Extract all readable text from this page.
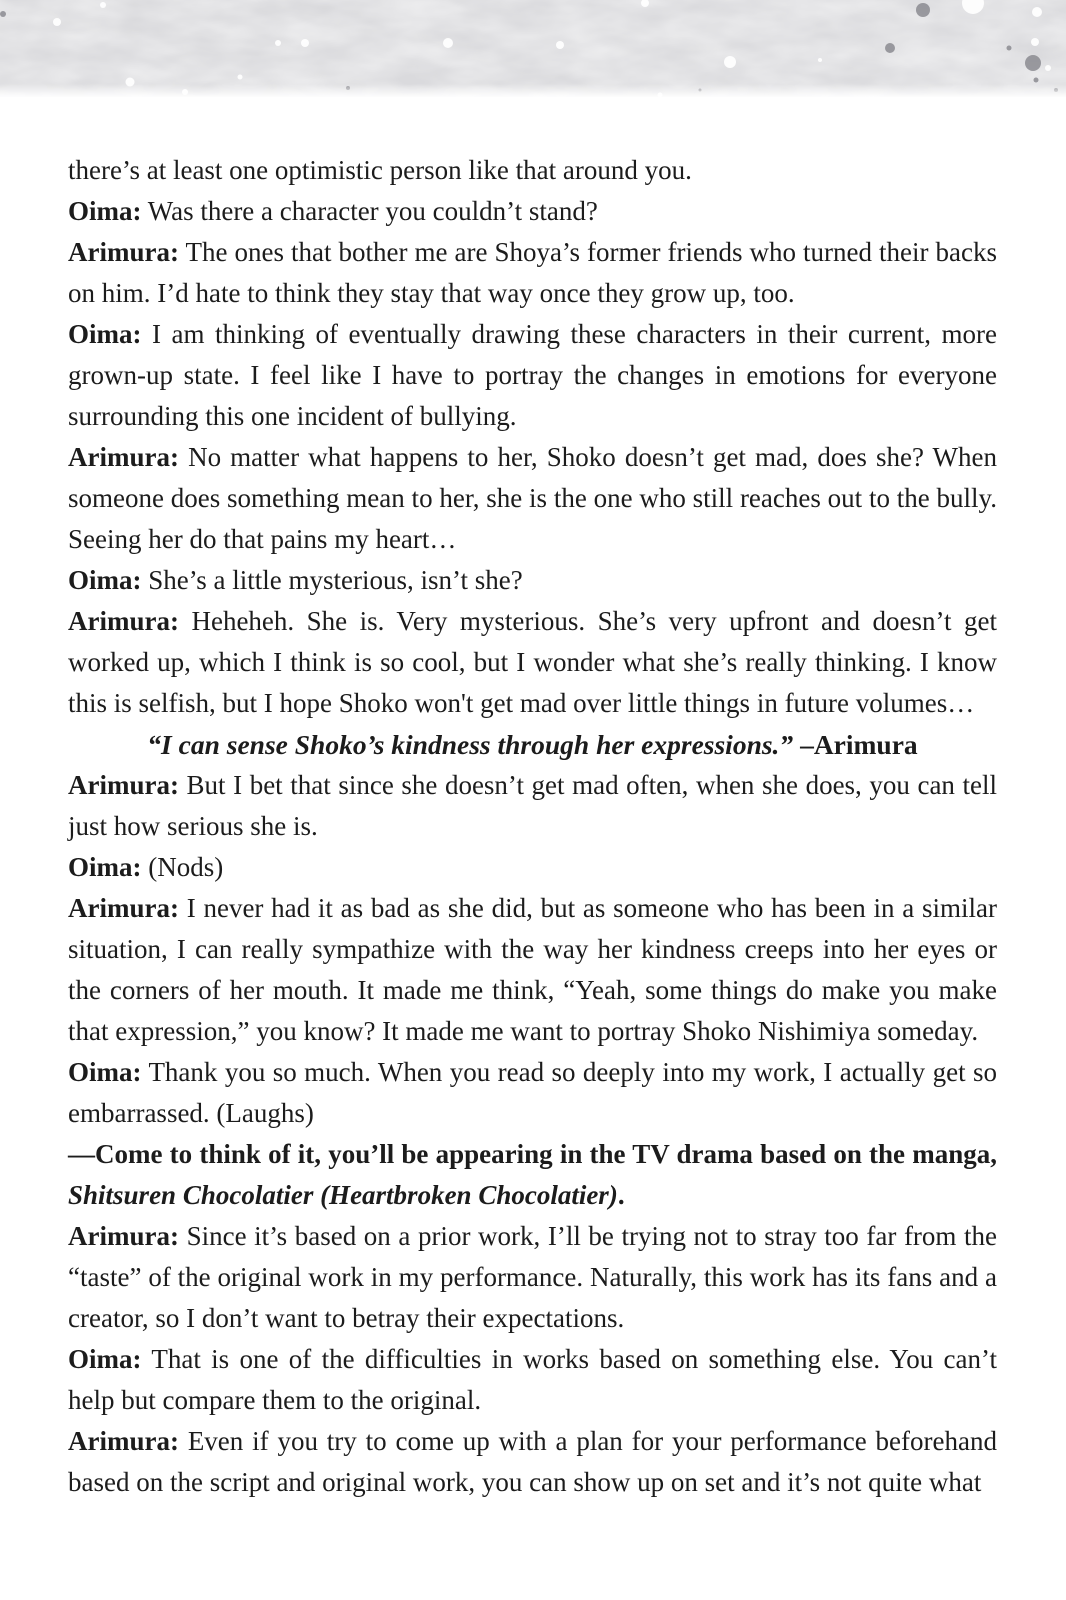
there’s at least one optimistic person like that around you.

Oima: Was there a character you couldn’t stand?

Arimura: The ones that bother me are Shoya’s former friends who turned their backs on him. I’d hate to think they stay that way once they grow up, too.

Oima: I am thinking of eventually drawing these characters in their current, more grown-up state. I feel like I have to portray the changes in emotions for everyone surrounding this one incident of bullying.

Arimura: No matter what happens to her, Shoko doesn’t get mad, does she? When someone does something mean to her, she is the one who still reaches out to the bully. Seeing her do that pains my heart…

Oima: She’s a little mysterious, isn’t she?

Arimura: Heheheh. She is. Very mysterious. She’s very upfront and doesn’t get worked up, which I think is so cool, but I wonder what she’s really thinking. I know this is selfish, but I hope Shoko won't get mad over little things in future volumes…

“I can sense Shoko’s kindness through her expressions.” –Arimura

Arimura: But I bet that since she doesn’t get mad often, when she does, you can tell just how serious she is.

Oima: (Nods)

Arimura: I never had it as bad as she did, but as someone who has been in a similar situation, I can really sympathize with the way her kindness creeps into her eyes or the corners of her mouth. It made me think, “Yeah, some things do make you make that expression,” you know? It made me want to portray Shoko Nishimiya someday.

Oima: Thank you so much. When you read so deeply into my work, I actually get so embarrassed. (Laughs)

—Come to think of it, you’ll be appearing in the TV drama based on the manga, Shitsuren Chocolatier (Heartbroken Chocolatier).

Arimura: Since it’s based on a prior work, I’ll be trying not to stray too far from the “taste” of the original work in my performance. Naturally, this work has its fans and a creator, so I don’t want to betray their expectations.

Oima: That is one of the difficulties in works based on something else. You can’t help but compare them to the original.

Arimura: Even if you try to come up with a plan for your performance beforehand based on the script and original work, you can show up on set and it’s not quite what
